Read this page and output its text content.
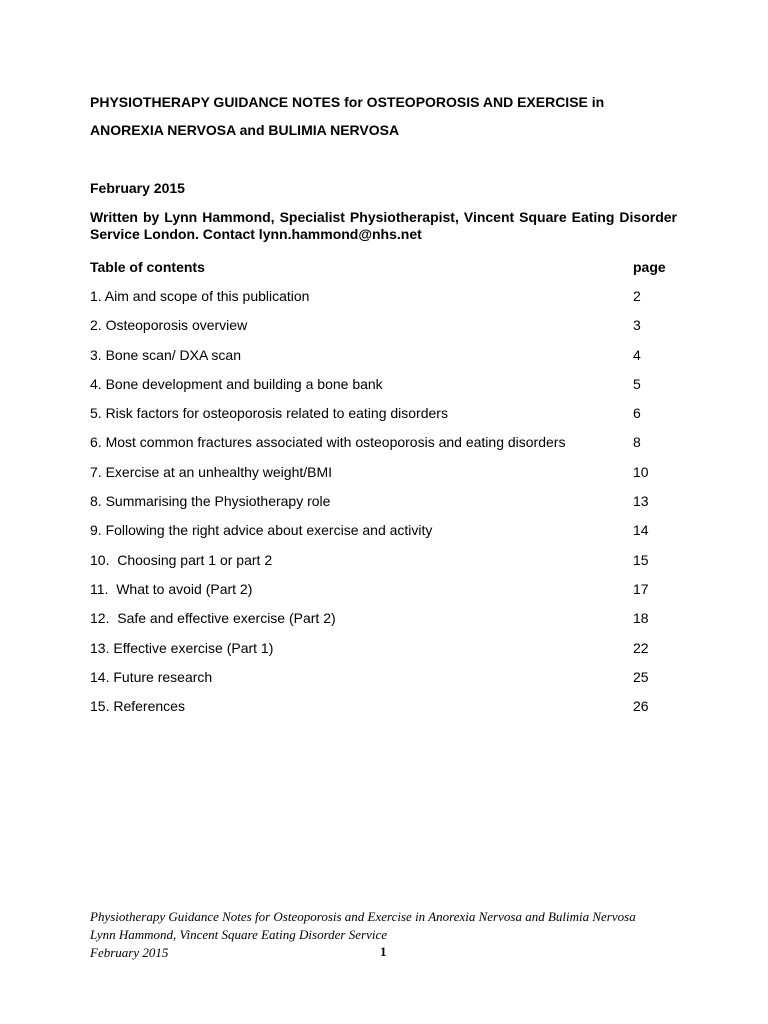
PHYSIOTHERAPY GUIDANCE NOTES for OSTEOPOROSIS AND EXERCISE in
ANOREXIA NERVOSA and BULIMIA NERVOSA
February 2015
Written by Lynn Hammond, Specialist Physiotherapist, Vincent Square Eating Disorder Service London. Contact lynn.hammond@nhs.net
Table of contents	page
1. Aim and scope of this publication	2
2. Osteoporosis overview	3
3. Bone scan/ DXA scan	4
4. Bone development and building a bone bank	5
5. Risk factors for osteoporosis related to eating disorders	6
6. Most common fractures associated with osteoporosis and eating disorders	8
7. Exercise at an unhealthy weight/BMI	10
8. Summarising the Physiotherapy role	13
9. Following the right advice about exercise and activity	14
10.  Choosing part 1 or part 2	15
11.  What to avoid (Part 2)	17
12.  Safe and effective exercise (Part 2)	18
13. Effective exercise (Part 1)	22
14. Future research	25
15. References	26
Physiotherapy Guidance Notes for Osteoporosis and Exercise in Anorexia Nervosa and Bulimia Nervosa
Lynn Hammond, Vincent Square Eating Disorder Service
February 2015	1
